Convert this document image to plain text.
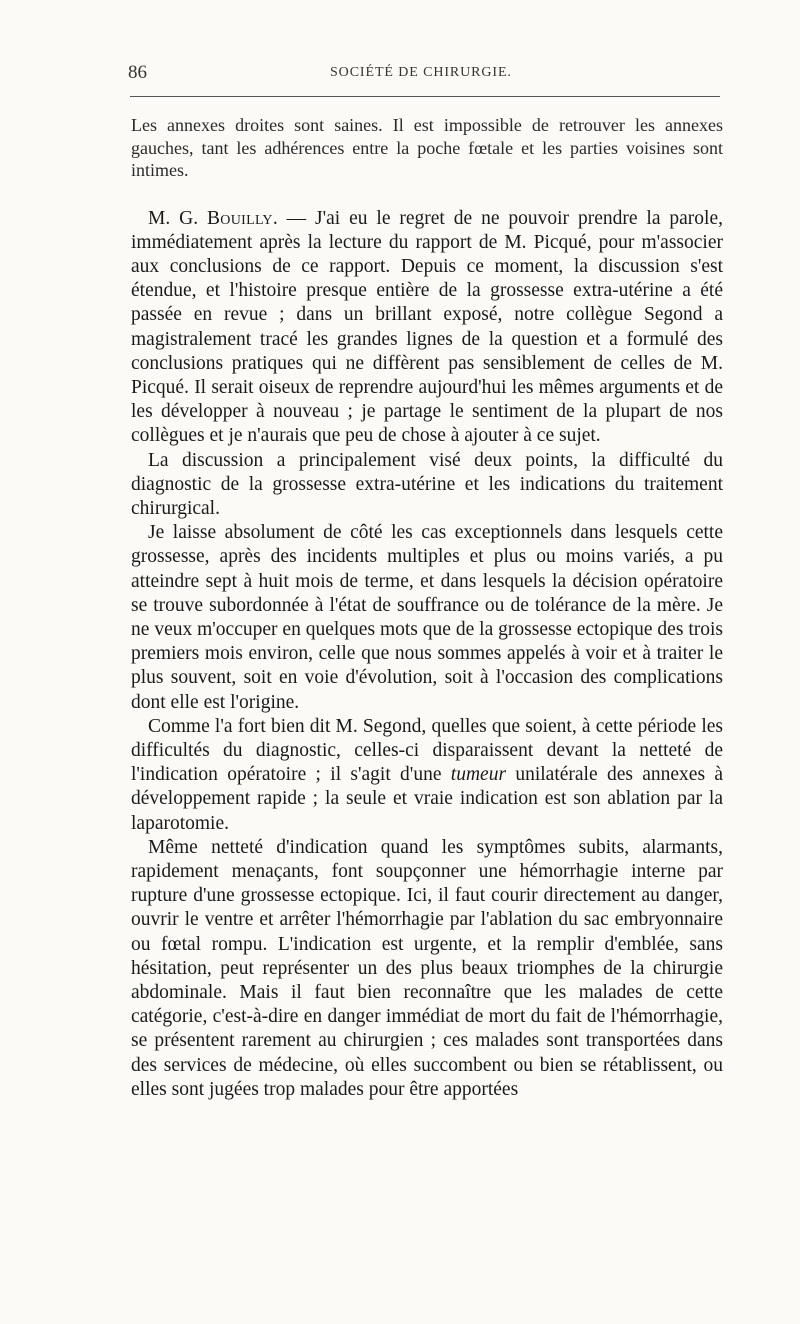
86	SOCIÉTÉ DE CHIRURGIE.

Les annexes droites sont saines. Il est impossible de retrouver les annexes gauches, tant les adhérences entre la poche fœtale et les parties voisines sont intimes.

M. G. Bouilly. — J'ai eu le regret de ne pouvoir prendre la parole, immédiatement après la lecture du rapport de M. Picqué, pour m'associer aux conclusions de ce rapport. Depuis ce moment, la discussion s'est étendue, et l'histoire presque entière de la grossesse extra-utérine a été passée en revue ; dans un brillant exposé, notre collègue Segond a magistralement tracé les grandes lignes de la question et a formulé des conclusions pratiques qui ne diffèrent pas sensiblement de celles de M. Picqué. Il serait oiseux de reprendre aujourd'hui les mêmes arguments et de les développer à nouveau ; je partage le sentiment de la plupart de nos collègues et je n'aurais que peu de chose à ajouter à ce sujet.

La discussion a principalement visé deux points, la difficulté du diagnostic de la grossesse extra-utérine et les indications du traitement chirurgical.

Je laisse absolument de côté les cas exceptionnels dans lesquels cette grossesse, après des incidents multiples et plus ou moins variés, a pu atteindre sept à huit mois de terme, et dans lesquels la décision opératoire se trouve subordonnée à l'état de souffrance ou de tolérance de la mère. Je ne veux m'occuper en quelques mots que de la grossesse ectopique des trois premiers mois environ, celle que nous sommes appelés à voir et à traiter le plus souvent, soit en voie d'évolution, soit à l'occasion des complications dont elle est l'origine.

Comme l'a fort bien dit M. Segond, quelles que soient, à cette période les difficultés du diagnostic, celles-ci disparaissent devant la netteté de l'indication opératoire ; il s'agit d'une tumeur unilatérale des annexes à développement rapide ; la seule et vraie indication est son ablation par la laparotomie.

Même netteté d'indication quand les symptômes subits, alarmants, rapidement menaçants, font soupçonner une hémorrhagie interne par rupture d'une grossesse ectopique. Ici, il faut courir directement au danger, ouvrir le ventre et arrêter l'hémorrhagie par l'ablation du sac embryonnaire ou fœtal rompu. L'indication est urgente, et la remplir d'emblée, sans hésitation, peut représenter un des plus beaux triomphes de la chirurgie abdominale. Mais il faut bien reconnaître que les malades de cette catégorie, c'est-à-dire en danger immédiat de mort du fait de l'hémorrhagie, se présentent rarement au chirurgien ; ces malades sont transportées dans des services de médecine, où elles succombent ou bien se rétablissent, ou elles sont jugées trop malades pour être apportées
